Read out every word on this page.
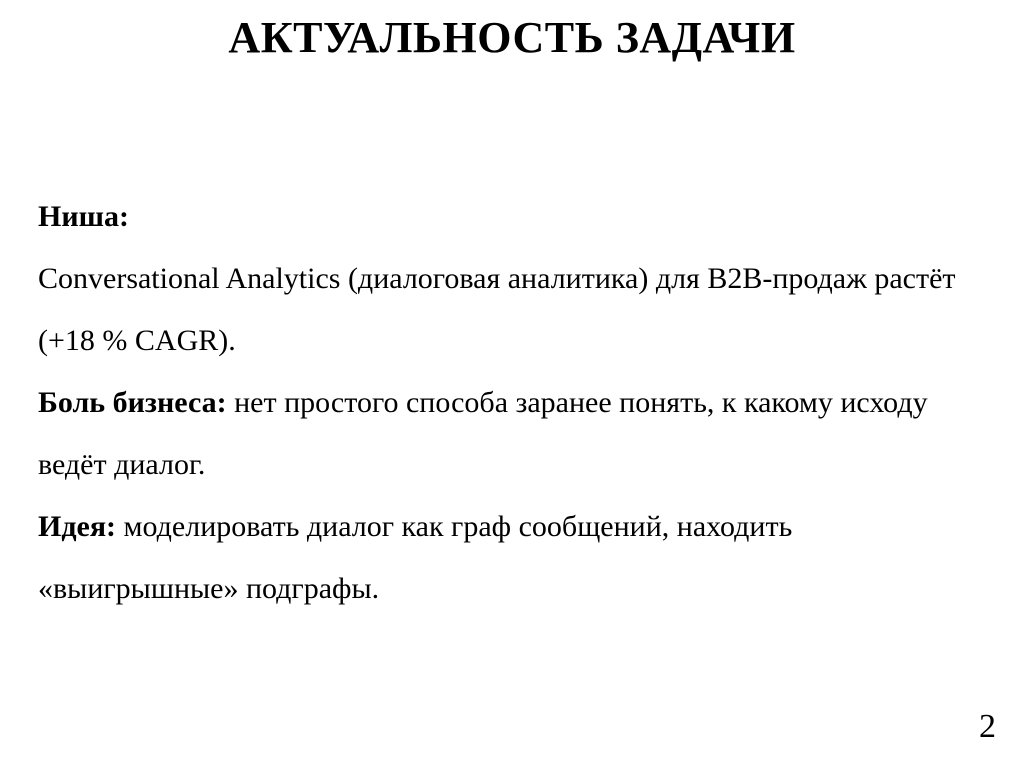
АКТУАЛЬНОСТЬ ЗАДАЧИ

Ниша:
Conversational Analytics (диалоговая аналитика) для B2B-продаж растёт (+18 % CAGR).

Боль бизнеса: нет простого способа заранее понять, к какому исходу ведёт диалог.

Идея: моделировать диалог как граф сообщений, находить «выигрышные» подграфы.

2
